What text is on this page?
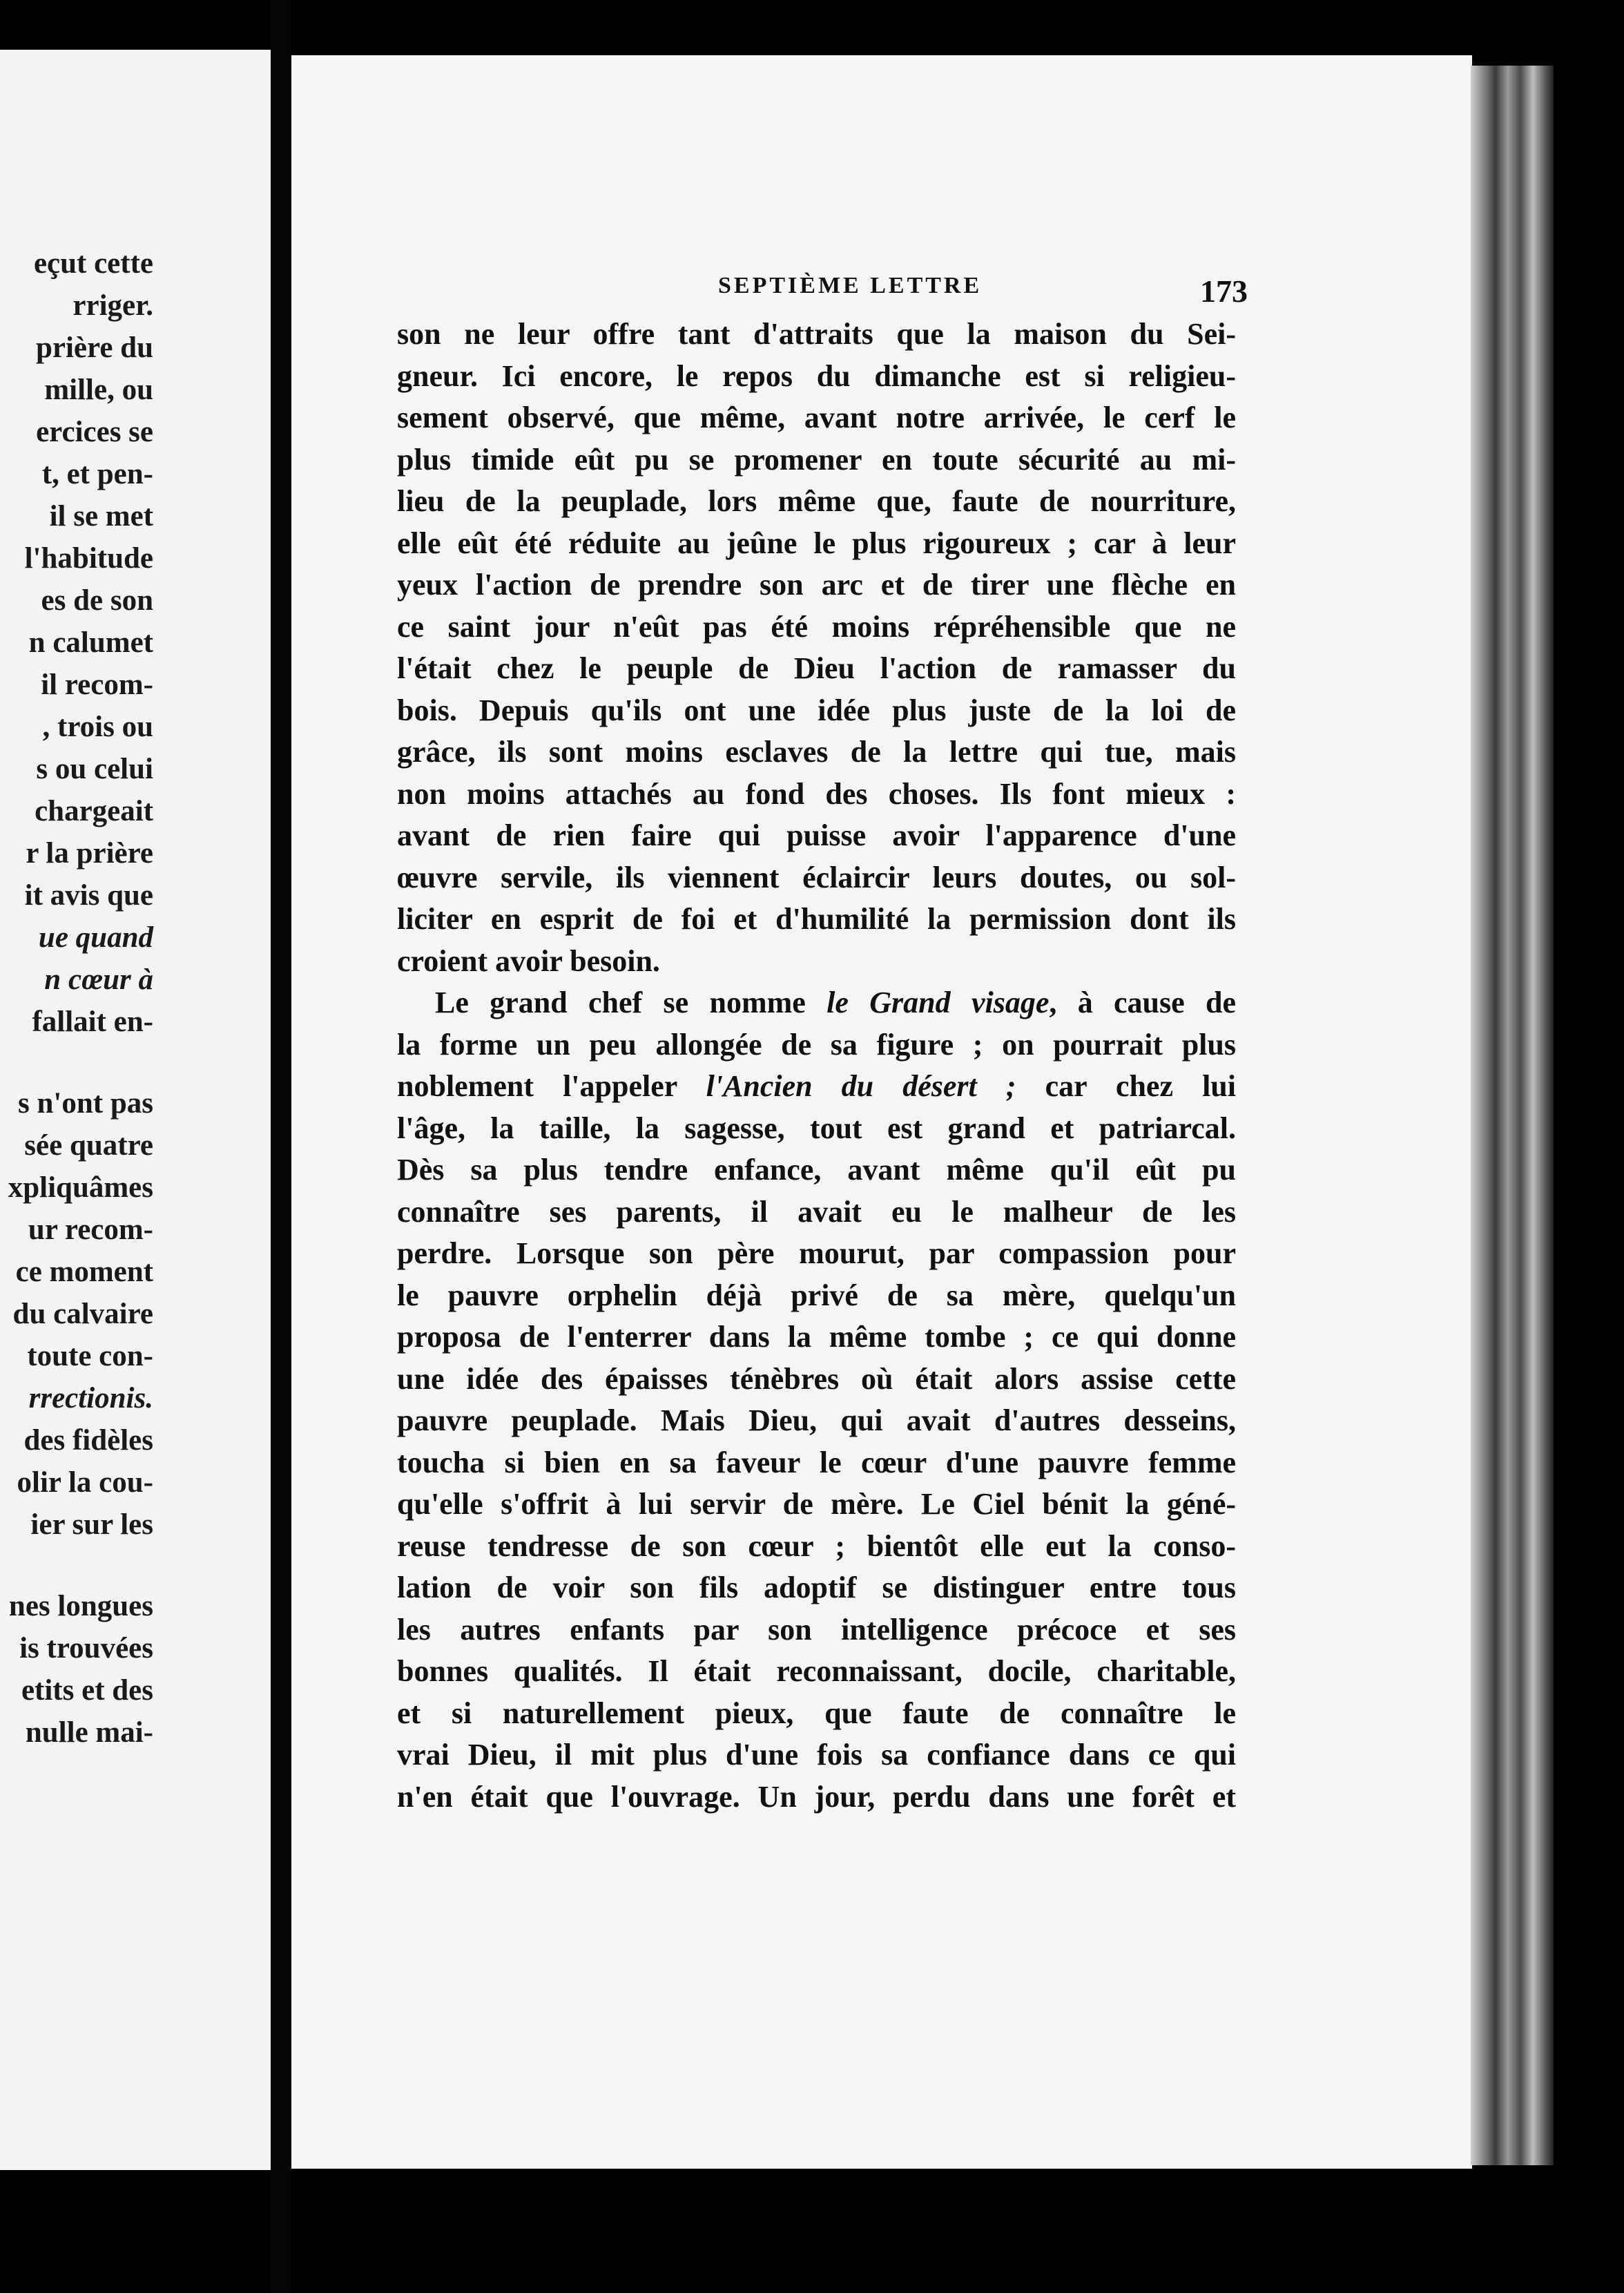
eçut cette
rriger.
prière du
mille, ou
ercices se
t, et pen-
il se met
l'habitude
es de son
n calumet
il recom-
, trois ou
s ou celui
chargeait
r la prière
it avis que
ue quand
n cœur à
fallait en-
s n'ont pas
sée quatre
xpliquâmes
ur recom-
ce moment
du calvaire
toute con-
rrectionis.
des fidèles
olir la cou-
ier sur les
nes longues
is trouvées
etits et des
nulle mai-
SEPTIÈME LETTRE	173
son ne leur offre tant d'attraits que la maison du Sei-
gneur. Ici encore, le repos du dimanche est si religieu-
sement observé, que même, avant notre arrivée, le cerf le
plus timide eût pu se promener en toute sécurité au mi-
lieu de la peuplade, lors même que, faute de nourriture,
elle eût été réduite au jeûne le plus rigoureux ; car à leur
yeux l'action de prendre son arc et de tirer une flèche en
ce saint jour n'eût pas été moins répréhensible que ne
l'était chez le peuple de Dieu l'action de ramasser du
bois. Depuis qu'ils ont une idée plus juste de la loi de
grâce, ils sont moins esclaves de la lettre qui tue, mais
non moins attachés au fond des choses. Ils font mieux :
avant de rien faire qui puisse avoir l'apparence d'une
œuvre servile, ils viennent éclaircir leurs doutes, ou sol-
liciter en esprit de foi et d'humilité la permission dont ils
croient avoir besoin.
Le grand chef se nomme le Grand visage, à cause de
la forme un peu allongée de sa figure ; on pourrait plus
noblement l'appeler l'Ancien du désert ; car chez lui
l'âge, la taille, la sagesse, tout est grand et patriarcal.
Dès sa plus tendre enfance, avant même qu'il eût pu
connaître ses parents, il avait eu le malheur de les
perdre. Lorsque son père mourut, par compassion pour
le pauvre orphelin déjà privé de sa mère, quelqu'un
proposa de l'enterrer dans la même tombe ; ce qui donne
une idée des épaisses ténèbres où était alors assise cette
pauvre peuplade. Mais Dieu, qui avait d'autres desseins,
toucha si bien en sa faveur le cœur d'une pauvre femme
qu'elle s'offrit à lui servir de mère. Le Ciel bénit la géné-
reuse tendresse de son cœur ; bientôt elle eut la conso-
lation de voir son fils adoptif se distinguer entre tous
les autres enfants par son intelligence précoce et ses
bonnes qualités. Il était reconnaissant, docile, charitable,
et si naturellement pieux, que faute de connaître le
vrai Dieu, il mit plus d'une fois sa confiance dans ce qui
n'en était que l'ouvrage. Un jour, perdu dans une forêt et
